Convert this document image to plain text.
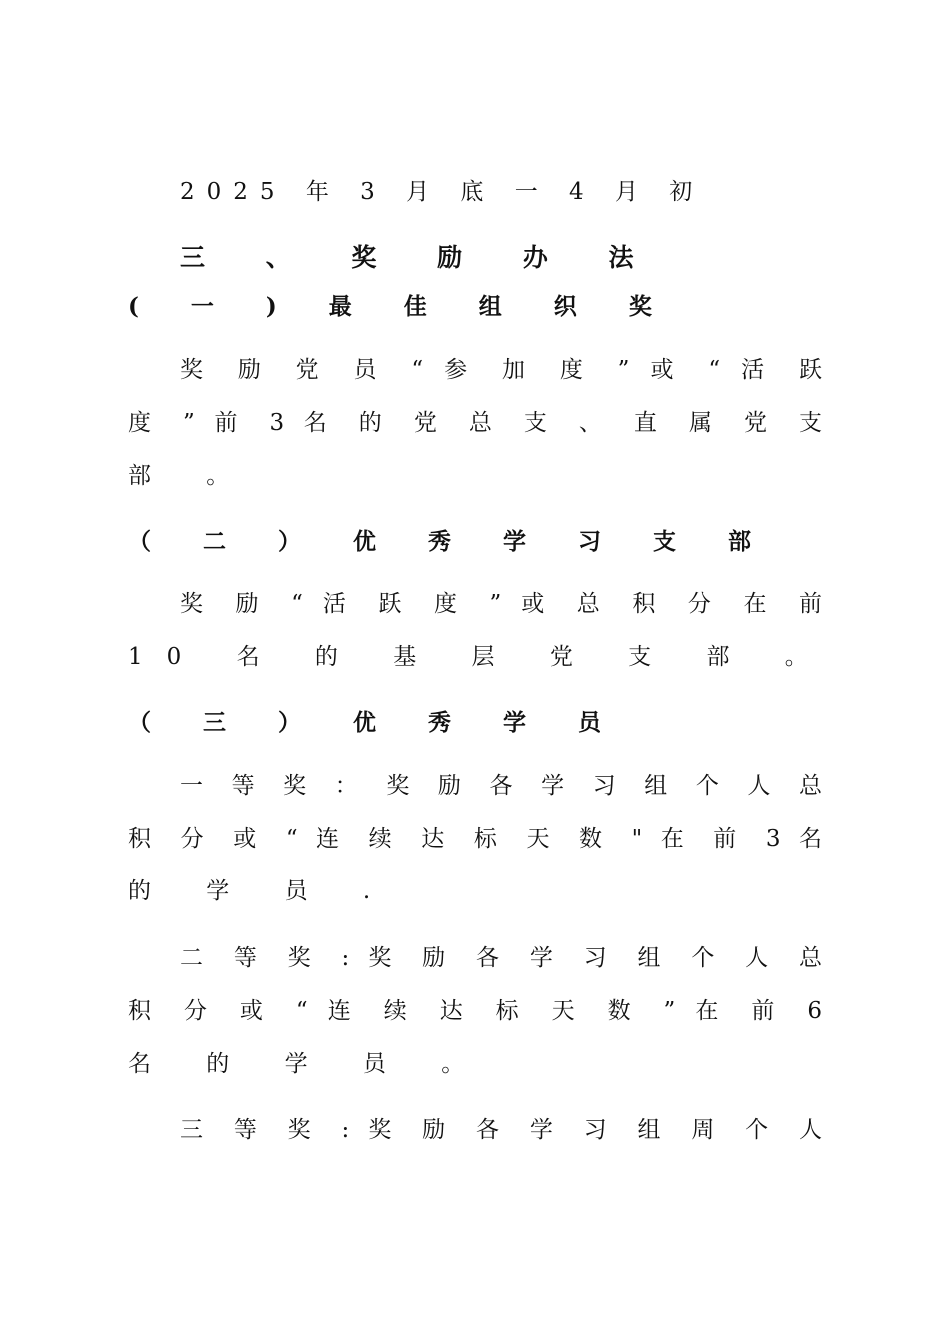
2025 年 3 月 底 一 4 月 初
三 、 奖 励 办 法
( 一 ) 最 佳 组 织 奖
奖 励 党 员 “ 参 加 度 ” 或 “ 活 跃
度 ” 前 3 名 的 党 总 支 、 直 属 党 支
部 。
（ 二 ） 优 秀 学 习 支 部
奖 励 “ 活 跃 度 ” 或 总 积 分 在 前
10 名 的 基 层 党 支 部 。
（ 三 ） 优 秀 学 员
一 等 奖 ： 奖 励 各 学 习 组 个 人 总
积 分 或 “ 连 续 达 标 天 数 " 在 前 3 名
的 学 员 .
二 等 奖 : 奖 励 各 学 习 组 个 人 总
积 分 或 “ 连 续 达 标 天 数 ” 在 前 6
名 的 学 员 。
三 等 奖 : 奖 励 各 学 习 组 周 个 人
